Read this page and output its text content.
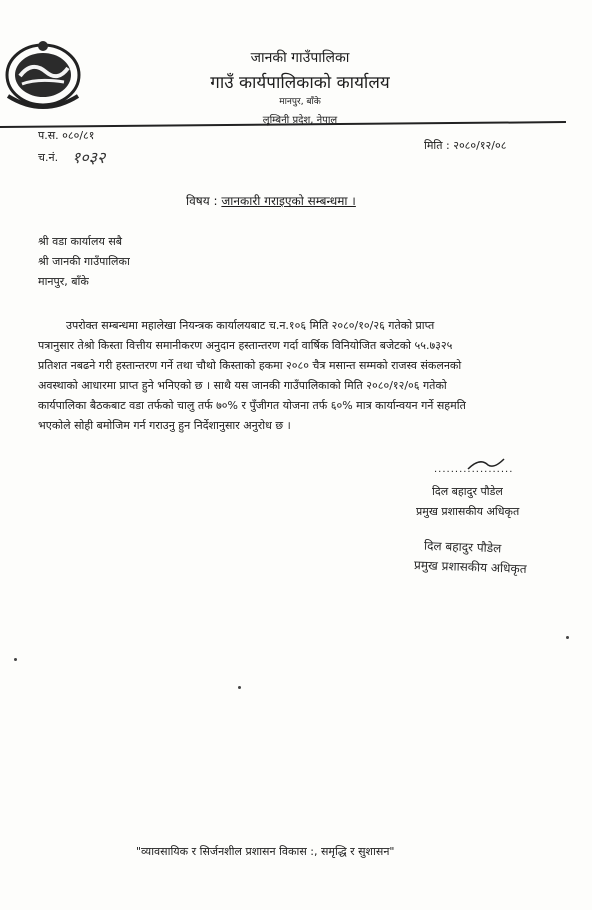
जानकी गाउँपालिका
गाउँ कार्यपालिकाको कार्यालय
मानपुर, बाँके
लुम्बिनी प्रदेश, नेपाल
प.स. ०८०/८१
च.नं. १०३२
मिति : २०८०/१२/०८
विषय : जानकारी गराइएको सम्बन्धमा ।
श्री वडा कार्यालय सबै
श्री जानकी गाउँपालिका
मानपुर, बाँके
उपरोक्त सम्बन्धमा महालेखा नियन्त्रक कार्यालयबाट च.न.१०६ मिति २०८०/१०/२६ गतेको प्राप्त
पत्रानुसार तेश्रो किस्ता वित्तीय समानीकरण अनुदान हस्तान्तरण गर्दा वार्षिक विनियोजित बजेटको ५५.७३२५
प्रतिशत नबढने गरी हस्तान्तरण गर्ने तथा चौथो किस्ताको हकमा २०८० चैत्र मसान्त सम्मको राजस्व संकलनको
अवस्थाको आधारमा प्राप्त हुने भनिएको छ । साथै यस जानकी गाउँपालिकाको मिति २०८०/१२/०६ गतेको
कार्यपालिका बैठकबाट वडा तर्फको चालु तर्फ ७०% र पुँजीगत योजना तर्फ ६०% मात्र कार्यान्वयन गर्ने सहमति
भएकोले सोही बमोजिम गर्न गराउनु हुन निर्देशानुसार अनुरोध छ ।
...................
दिल बहादुर पौडेल
प्रमुख प्रशासकीय अधिकृत
दिल बहादुर पौडेल
प्रमुख प्रशासकीय अधिकृत
"व्यावसायिक र सिर्जनशील प्रशासन विकास :, समृद्धि र सुशासन"
